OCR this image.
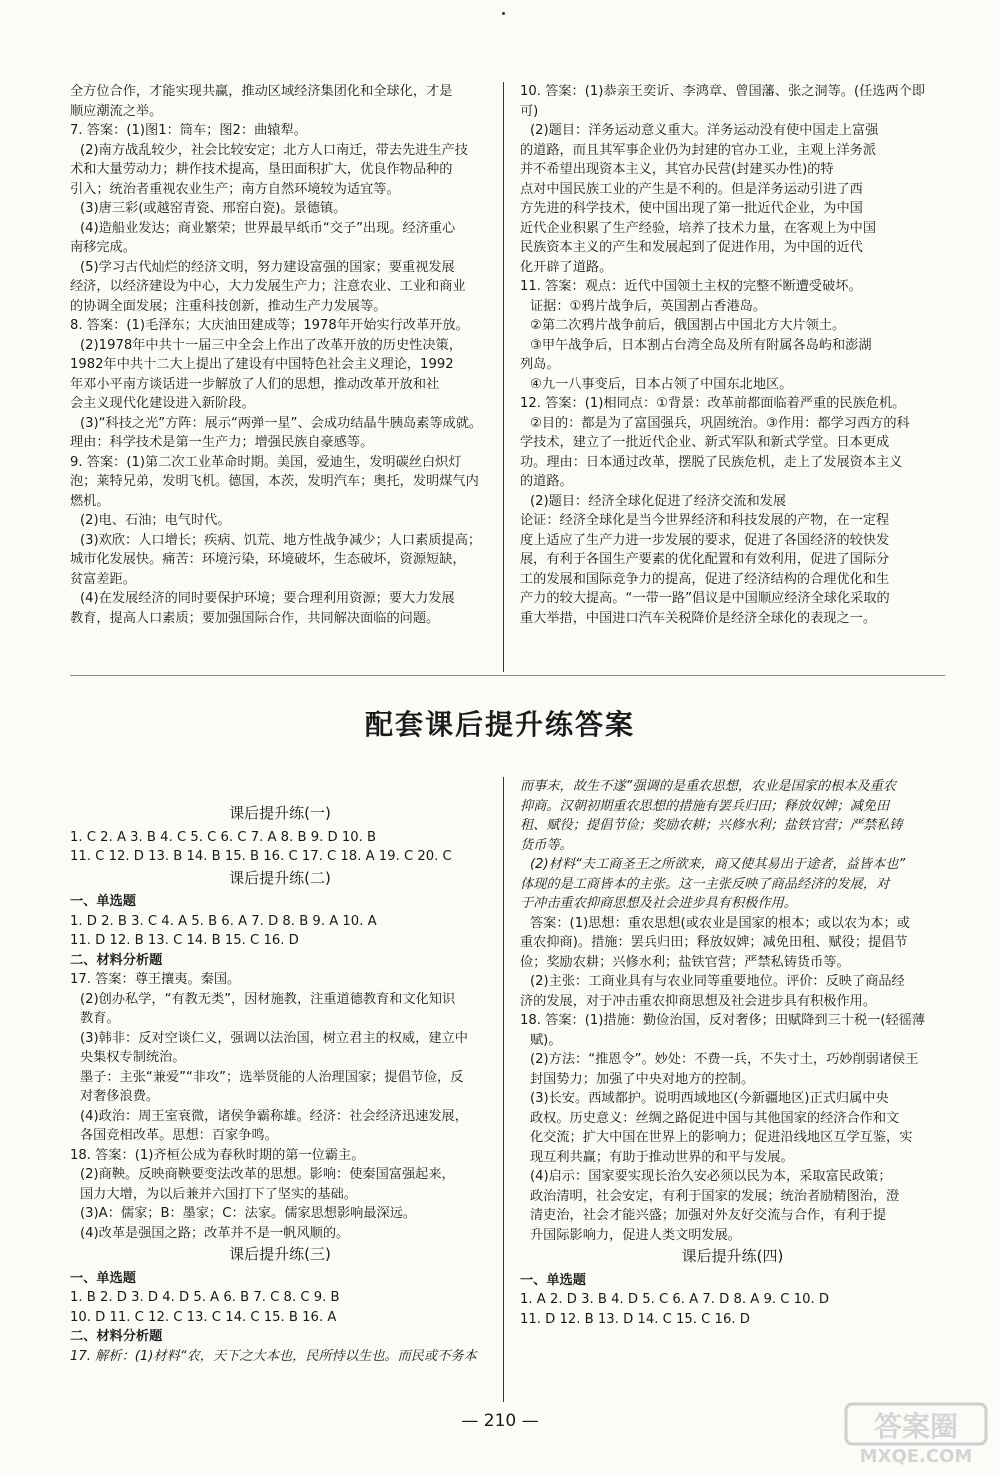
全方位合作，才能实现共赢，推动区域经济集团化和全球化，才是

顺应潮流之举。

7. 答案：(1)图1：筒车；图2：曲辕犁。

(2)南方战乱较少，社会比较安定；北方人口南迁，带去先进生产技

术和大量劳动力；耕作技术提高，垦田面积扩大，优良作物品种的

引入；统治者重视农业生产；南方自然环境较为适宜等。

(3)唐三彩(或越窑青瓷、邢窑白瓷)。景德镇。

(4)造船业发达；商业繁荣；世界最早纸币“交子”出现。经济重心

南移完成。

(5)学习古代灿烂的经济文明，努力建设富强的国家；要重视发展

经济，以经济建设为中心，大力发展生产力；注意农业、工业和商业

的协调全面发展；注重科技创新，推动生产力发展等。

8. 答案：(1)毛泽东；大庆油田建成等；1978年开始实行改革开放。

(2)1978年中共十一届三中全会上作出了改革开放的历史性决策，

1982年中共十二大上提出了建设有中国特色社会主义理论，1992

年邓小平南方谈话进一步解放了人们的思想，推动改革开放和社

会主义现代化建设进入新阶段。

(3)“科技之光”方阵：展示“两弹一星”、会成功结晶牛胰岛素等成就。

理由：科学技术是第一生产力；增强民族自豪感等。

9. 答案：(1)第二次工业革命时期。美国，爱迪生，发明碳丝白炽灯

泡；莱特兄弟，发明飞机。德国，本茨，发明汽车；奥托，发明煤气内

燃机。

(2)电、石油；电气时代。

(3)欢欣：人口增长；疾病、饥荒、地方性战争减少；人口素质提高；

城市化发展快。痛苦：环境污染，环境破坏，生态破坏，资源短缺，

贫富差距。

(4)在发展经济的同时要保护环境；要合理利用资源；要大力发展

教育，提高人口素质；要加强国际合作，共同解决面临的问题。

10. 答案：(1)恭亲王奕䜣、李鸿章、曾国藩、张之洞等。(任选两个即

可)

(2)题目：洋务运动意义重大。洋务运动没有使中国走上富强

的道路，而且其军事企业仍为封建的官办工业，主观上洋务派

并不希望出现资本主义，其官办民营(封建买办性)的特

点对中国民族工业的产生是不利的。但是洋务运动引进了西

方先进的科学技术，使中国出现了第一批近代企业，为中国

近代企业积累了生产经验，培养了技术力量，在客观上为中国

民族资本主义的产生和发展起到了促进作用，为中国的近代

化开辟了道路。

11. 答案：观点：近代中国领土主权的完整不断遭受破坏。

证据：①鸦片战争后，英国割占香港岛。

②第二次鸦片战争前后，俄国割占中国北方大片领土。

③甲午战争后，日本割占台湾全岛及所有附属各岛屿和澎湖

列岛。

④九一八事变后，日本占领了中国东北地区。

12. 答案：(1)相同点：①背景：改革前都面临着严重的民族危机。

②目的：都是为了富国强兵，巩固统治。③作用：都学习西方的科

学技术，建立了一批近代企业、新式军队和新式学堂。日本更成

功。理由：日本通过改革，摆脱了民族危机，走上了发展资本主义

的道路。

(2)题目：经济全球化促进了经济交流和发展

论证：经济全球化是当今世界经济和科技发展的产物，在一定程

度上适应了生产力进一步发展的要求，促进了各国经济的较快发

展，有利于各国生产要素的优化配置和有效利用，促进了国际分

工的发展和国际竞争力的提高，促进了经济结构的合理优化和生

产力的较大提高。“一带一路”倡议是中国顺应经济全球化采取的

重大举措，中国进口汽车关税降价是经济全球化的表现之一。

配套课后提升练答案

课后提升练(一)

1. C 2. A 3. B 4. C 5. C 6. C 7. A 8. B 9. D 10. B

11. C 12. D 13. B 14. B 15. B 16. C 17. C 18. A 19. C 20. C

课后提升练(二)

一、单选题

1. D 2. B 3. C 4. A 5. B 6. A 7. D 8. B 9. A 10. A

11. D 12. B 13. C 14. B 15. C 16. D

二、材料分析题

17. 答案：尊王攘夷。秦国。

(2)创办私学，“有教无类”，因材施教，注重道德教育和文化知识

教育。

(3)韩非：反对空谈仁义，强调以法治国，树立君主的权威，建立中

央集权专制统治。

墨子：主张“兼爱”“非攻”；选举贤能的人治理国家；提倡节俭，反

对奢侈浪费。

(4)政治：周王室衰微，诸侯争霸称雄。经济：社会经济迅速发展，

各国竞相改革。思想：百家争鸣。

18. 答案：(1)齐桓公成为春秋时期的第一位霸主。

(2)商鞅。反映商鞅要变法改革的思想。影响：使秦国富强起来，

国力大增，为以后兼并六国打下了坚实的基础。

(3)A：儒家；B：墨家；C：法家。儒家思想影响最深远。

(4)改革是强国之路；改革并不是一帆风顺的。

课后提升练(三)

一、单选题

1. B 2. D 3. D 4. D 5. A 6. B 7. C 8. C 9. B

10. D 11. C 12. C 13. C 14. C 15. B 16. A

二、材料分析题

17. 解析：(1)材料“农，天下之大本也，民所恃以生也。而民或不务本

而事末，故生不遂”强调的是重农思想，农业是国家的根本及重农

抑商。汉朝初期重农思想的措施有罢兵归田；释放奴婢；减免田

租、赋役；提倡节俭；奖励农耕；兴修水利；盐铁官营；严禁私铸

货币等。

(2)材料“夫工商圣王之所欲来，商又使其易出于途者，益皆本也”

体现的是工商皆本的主张。这一主张反映了商品经济的发展，对

于冲击重农抑商思想及社会进步具有积极作用。

答案：(1)思想：重农思想(或农业是国家的根本；或以农为本；或

重农抑商)。措施：罢兵归田；释放奴婢；减免田租、赋役；提倡节

俭；奖励农耕；兴修水利；盐铁官营；严禁私铸货币等。

(2)主张：工商业具有与农业同等重要地位。评价：反映了商品经

济的发展，对于冲击重农抑商思想及社会进步具有积极作用。

18. 答案：(1)措施：勤俭治国，反对奢侈；田赋降到三十税一(轻徭薄

赋)。

(2)方法：“推恩令”。妙处：不费一兵，不失寸土，巧妙削弱诸侯王

封国势力；加强了中央对地方的控制。

(3)长安。西域都护。说明西域地区(今新疆地区)正式归属中央

政权。历史意义：丝绸之路促进中国与其他国家的经济合作和文

化交流；扩大中国在世界上的影响力；促进沿线地区互学互鉴，实

现互利共赢；有助于推动世界的和平与发展。

(4)启示：国家要实现长治久安必须以民为本，采取富民政策；

政治清明，社会安定，有利于国家的发展；统治者励精图治，澄

清吏治，社会才能兴盛；加强对外友好交流与合作，有利于提

升国际影响力，促进人类文明发展。

课后提升练(四)

一、单选题

1. A 2. D 3. B 4. D 5. C 6. A 7. D 8. A 9. C 10. D

11. D 12. B 13. D 14. C 15. C 16. D

— 210 —	答案圈
MXQE.COM
